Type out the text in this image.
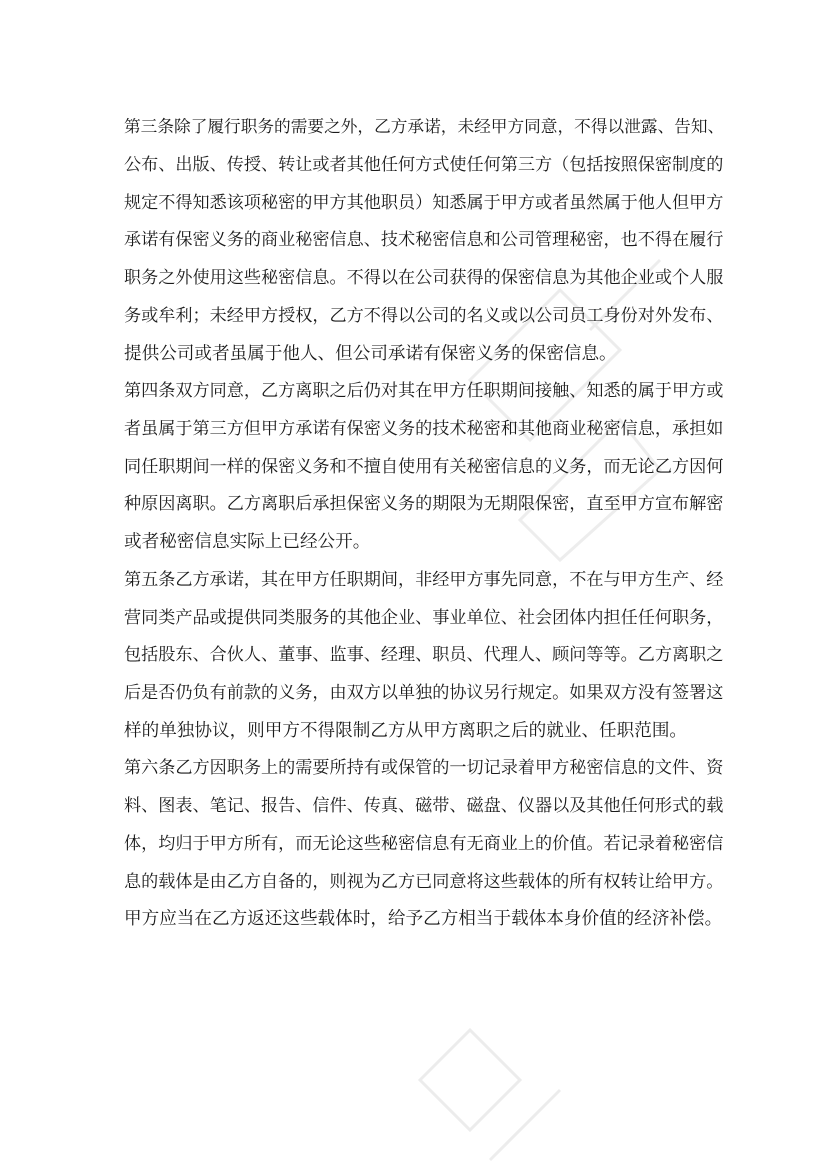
第三条除了履行职务的需要之外，乙方承诺，未经甲方同意，不得以泄露、告知、
公布、出版、传授、转让或者其他任何方式使任何第三方（包括按照保密制度的
规定不得知悉该项秘密的甲方其他职员）知悉属于甲方或者虽然属于他人但甲方
承诺有保密义务的商业秘密信息、技术秘密信息和公司管理秘密，也不得在履行
职务之外使用这些秘密信息。不得以在公司获得的保密信息为其他企业或个人服
务或牟利；未经甲方授权，乙方不得以公司的名义或以公司员工身份对外发布、
提供公司或者虽属于他人、但公司承诺有保密义务的保密信息。
第四条双方同意，乙方离职之后仍对其在甲方任职期间接触、知悉的属于甲方或
者虽属于第三方但甲方承诺有保密义务的技术秘密和其他商业秘密信息，承担如
同任职期间一样的保密义务和不擅自使用有关秘密信息的义务，而无论乙方因何
种原因离职。乙方离职后承担保密义务的期限为无期限保密，直至甲方宣布解密
或者秘密信息实际上已经公开。
第五条乙方承诺，其在甲方任职期间，非经甲方事先同意，不在与甲方生产、经
营同类产品或提供同类服务的其他企业、事业单位、社会团体内担任任何职务，
包括股东、合伙人、董事、监事、经理、职员、代理人、顾问等等。乙方离职之
后是否仍负有前款的义务，由双方以单独的协议另行规定。如果双方没有签署这
样的单独协议，则甲方不得限制乙方从甲方离职之后的就业、任职范围。
第六条乙方因职务上的需要所持有或保管的一切记录着甲方秘密信息的文件、资
料、图表、笔记、报告、信件、传真、磁带、磁盘、仪器以及其他任何形式的载
体，均归于甲方所有，而无论这些秘密信息有无商业上的价值。若记录着秘密信
息的载体是由乙方自备的，则视为乙方已同意将这些载体的所有权转让给甲方。
甲方应当在乙方返还这些载体时，给予乙方相当于载体本身价值的经济补偿。
